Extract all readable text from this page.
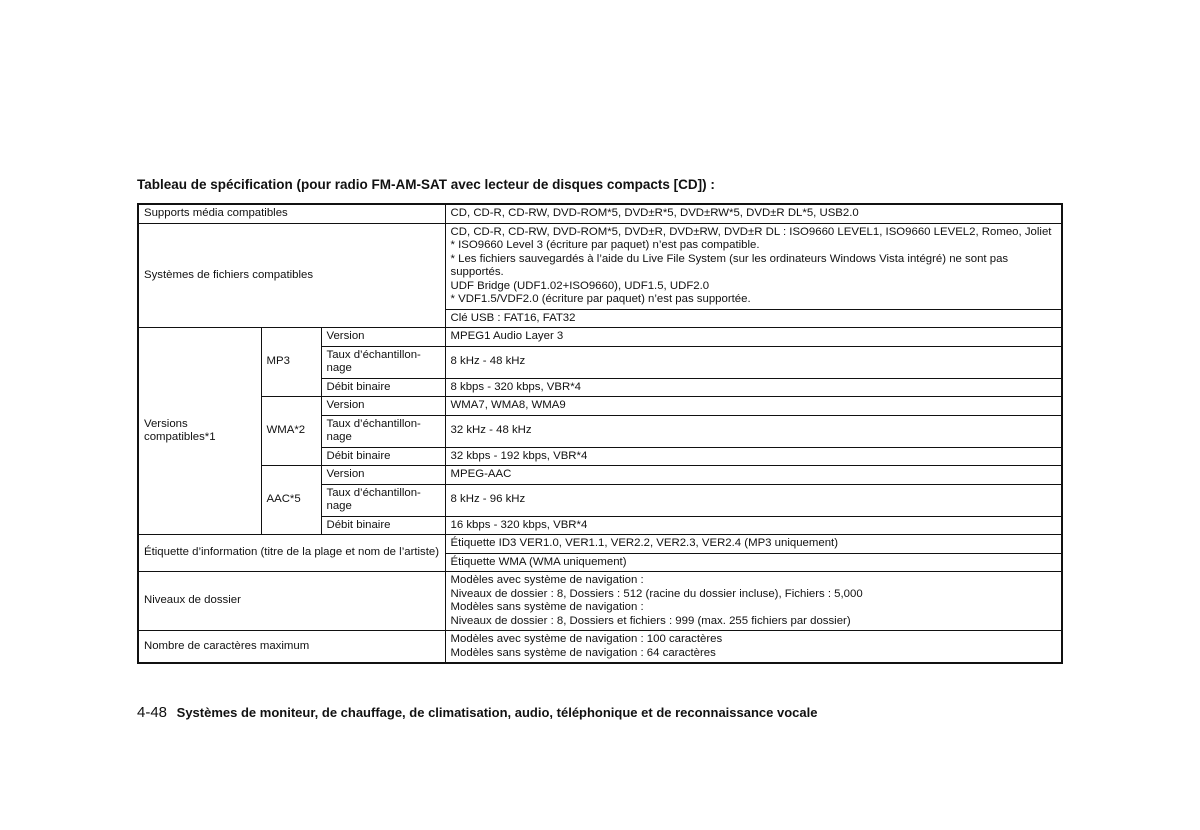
Tableau de spécification (pour radio FM-AM-SAT avec lecteur de disques compacts [CD]) :
Supports média compatibles			CD, CD-R, CD-RW, DVD-ROM*5, DVD±R*5, DVD±RW*5, DVD±R DL*5, USB2.0
Systèmes de fichiers compatibles			CD, CD-R, CD-RW, DVD-ROM*5, DVD±R, DVD±RW, DVD±R DL : ISO9660 LEVEL1, ISO9660 LEVEL2, Romeo, Joliet
* ISO9660 Level 3 (écriture par paquet) n’est pas compatible.
* Les fichiers sauvegardés à l’aide du Live File System (sur les ordinateurs Windows Vista intégré) ne sont pas supportés.
UDF Bridge (UDF1.02+ISO9660), UDF1.5, UDF2.0
* VDF1.5/VDF2.0 (écriture par paquet) n’est pas supportée.

			Clé USB : FAT16, FAT32
Versions compatibles*1	MP3	Version	MPEG1 Audio Layer 3
		Taux d’échantillon-nage	8 kHz - 48 kHz
		Débit binaire	8 kbps - 320 kbps, VBR*4
	WMA*2	Version	WMA7, WMA8, WMA9
		Taux d’échantillon-nage	32 kHz - 48 kHz
		Débit binaire	32 kbps - 192 kbps, VBR*4
	AAC*5	Version	MPEG-AAC
		Taux d’échantillon-nage	8 kHz - 96 kHz
		Débit binaire	16 kbps - 320 kbps, VBR*4
Étiquette d’information (titre de la plage et nom de l’artiste)			Étiquette ID3 VER1.0, VER1.1, VER2.2, VER2.3, VER2.4 (MP3 uniquement)
			Étiquette WMA (WMA uniquement)
Niveaux de dossier			Modèles avec système de navigation :
Niveaux de dossier : 8, Dossiers : 512 (racine du dossier incluse), Fichiers : 5,000
Modèles sans système de navigation :
Niveaux de dossier : 8, Dossiers et fichiers : 999 (max. 255 fichiers par dossier)

Nombre de caractères maximum			Modèles avec système de navigation : 100 caractères
Modèles sans système de navigation : 64 caractères
4-48 Systèmes de moniteur, de chauffage, de climatisation, audio, téléphonique et de reconnaissance vocale
